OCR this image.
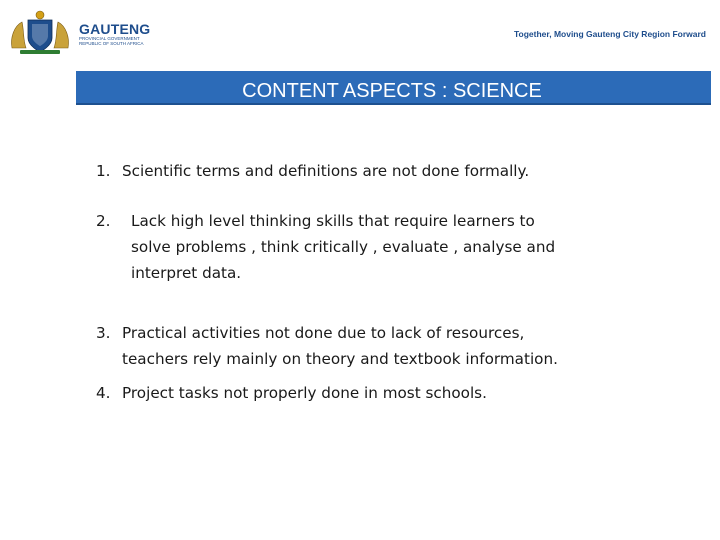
GAUTENG
PROVINCIAL GOVERNMENT
REPUBLIC OF SOUTH AFRICA
Together, Moving Gauteng City Region Forward
CONTENT ASPECTS : SCIENCE
1. Scientific terms and definitions are not done formally.
2. Lack high level thinking skills that require learners to solve problems , think critically , evaluate , analyse and interpret data.
3. Practical activities not done due to lack of resources, teachers rely mainly on theory and textbook information.
4. Project tasks not properly done in most schools.
